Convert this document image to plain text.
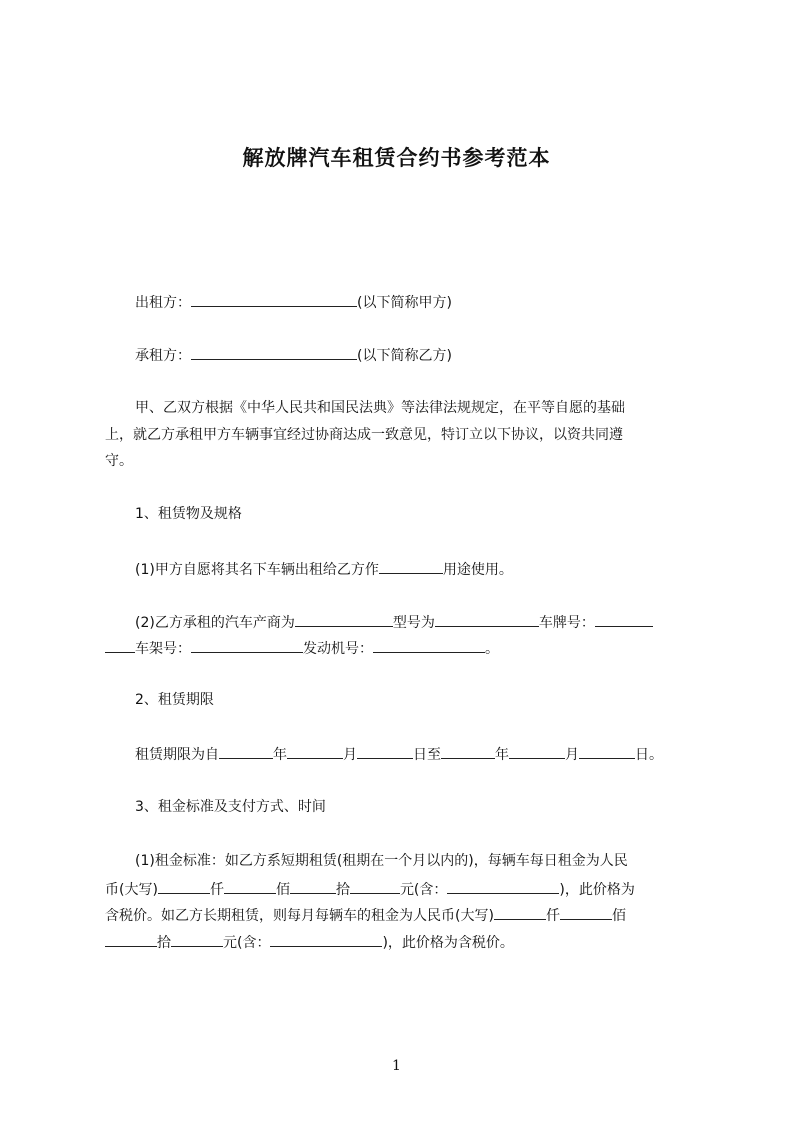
解放牌汽车租赁合约书参考范本
出租方：	(以下简称甲方)
承租方：	(以下简称乙方)
甲、乙双方根据《中华人民共和国民法典》等法律法规规定，在平等自愿的基础
上，就乙方承租甲方车辆事宜经过协商达成一致意见，特订立以下协议，以资共同遵
守。
1、租赁物及规格
(1)甲方自愿将其名下车辆出租给乙方作	用途使用。
(2)乙方承租的汽车产商为	型号为	车牌号：
车架号：	发动机号：	。
2、租赁期限
租赁期限为自	年	月	日至	年	月	日。
3、租金标准及支付方式、时间
(1)租金标准：如乙方系短期租赁(租期在一个月以内的)，每辆车每日租金为人民
币(大写)	仟	佰	拾	元(含：	)，此价格为
含税价。如乙方长期租赁，则每月每辆车的租金为人民币(大写)	仟	佰
拾	元(含：	)，此价格为含税价。
1
